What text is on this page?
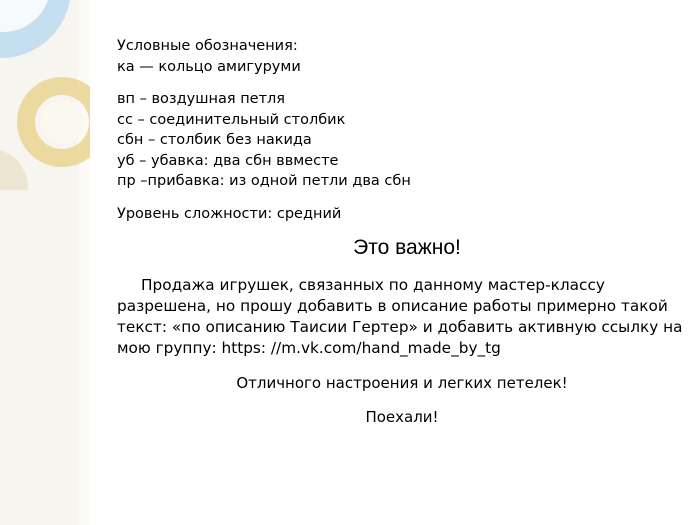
Условные обозначения:
ка — кольцо амигуруми
вп – воздушная петля
сс – соединительный столбик
сбн – столбик без накида
уб – убавка: два сбн ввместе
пр –прибавка: из одной петли два сбн
Уровень сложности: средний
Это важно!

Продажа игрушек, связанных по данному мастер-классу разрешена, но прошу добавить в описание работы примерно такой текст: «по описанию Таисии Гертер» и добавить активную ссылку на мою группу: https: //m.vk.com/hand_made_by_tg

Отличного настроения и легких петелек!
Поехали!
